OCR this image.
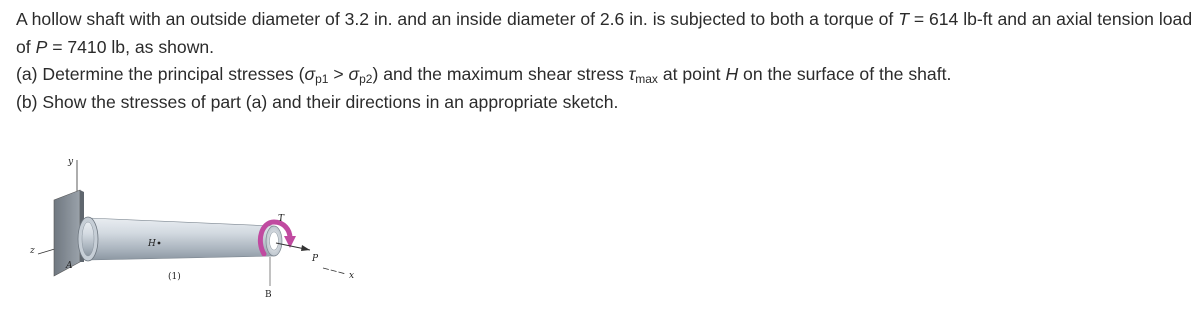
A hollow shaft with an outside diameter of 3.2 in. and an inside diameter of 2.6 in. is subjected to both a torque of T = 614 lb-ft and an axial tension load of P = 7410 lb, as shown.

(a) Determine the principal stresses $(\sigma_{p1} > \sigma_{p2})$ and the maximum shear stress $\tau_{max}$ at point H on the surface of the shaft.

(b) Show the stresses of part (a) and their directions in an appropriate sketch.

y
z
A
H
(1)
T
P
x
B
